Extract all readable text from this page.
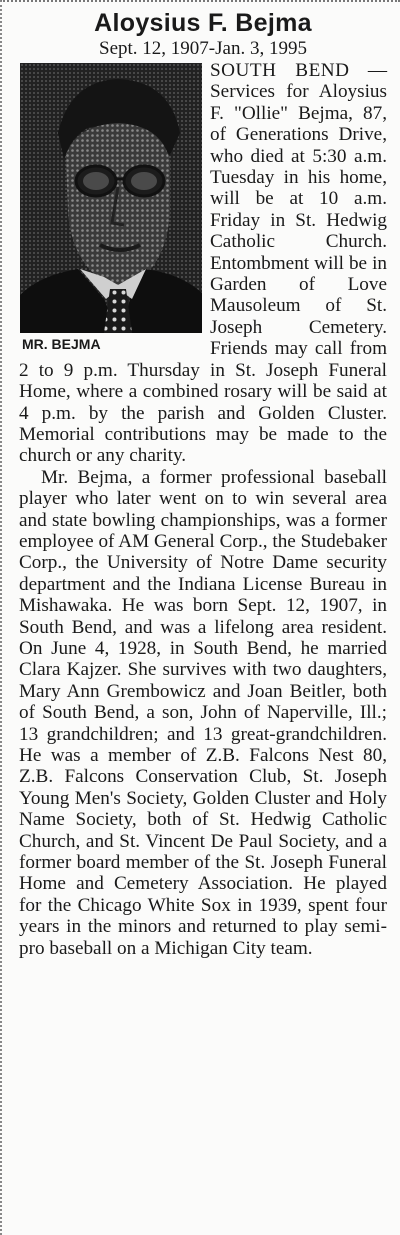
Aloysius F. Bejma
Sept. 12, 1907-Jan. 3, 1995
MR. BEJMA

SOUTH BEND — Services for Aloysius F. "Ollie" Bejma, 87, of Generations Drive, who died at 5:30 a.m. Tuesday in his home, will be at 10 a.m. Friday in St. Hedwig Catholic Church. Entombment will be in Garden of Love Mausoleum of St. Joseph Cemetery. Friends may call from 2 to 9 p.m. Thursday in St. Joseph Funeral Home, where a combined rosary will be said at 4 p.m. by the parish and Golden Cluster. Memorial contributions may be made to the church or any charity.

Mr. Bejma, a former professional baseball player who later went on to win several area and state bowling championships, was a former employee of AM General Corp., the Studebaker Corp., the University of Notre Dame security department and the Indiana License Bureau in Mishawaka. He was born Sept. 12, 1907, in South Bend, and was a lifelong area resident. On June 4, 1928, in South Bend, he married Clara Kajzer. She survives with two daughters, Mary Ann Grembowicz and Joan Beitler, both of South Bend, a son, John of Naperville, Ill.; 13 grandchildren; and 13 great-grandchildren. He was a member of Z.B. Falcons Nest 80, Z.B. Falcons Conservation Club, St. Joseph Young Men's Society, Golden Cluster and Holy Name Society, both of St. Hedwig Catholic Church, and St. Vincent De Paul Society, and a former board member of the St. Joseph Funeral Home and Cemetery Association. He played for the Chicago White Sox in 1939, spent four years in the minors and returned to play semi-pro baseball on a Michigan City team.
